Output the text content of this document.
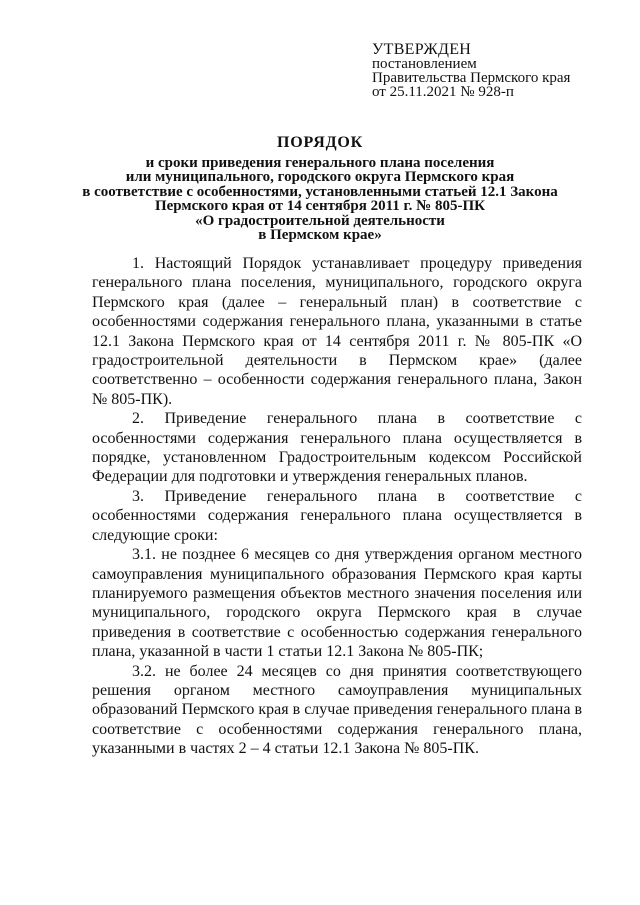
УТВЕРЖДЕН
постановлением
Правительства Пермского края
от 25.11.2021 № 928-п
ПОРЯДОК
и сроки приведения генерального плана поселения
или муниципального, городского округа Пермского края
в соответствие с особенностями, установленными статьей 12.1 Закона
Пермского края от 14 сентября 2011 г. № 805-ПК
«О градостроительной деятельности
в Пермском крае»

1. Настоящий Порядок устанавливает процедуру приведения генерального плана поселения, муниципального, городского округа Пермского края (далее – генеральный план) в соответствие с особенностями содержания генерального плана, указанными в статье 12.1 Закона Пермского края от 14 сентября 2011 г. № 805-ПК «О градостроительной деятельности в Пермском крае» (далее соответственно – особенности содержания генерального плана, Закон № 805-ПК).

2. Приведение генерального плана в соответствие с особенностями содержания генерального плана осуществляется в порядке, установленном Градостроительным кодексом Российской Федерации для подготовки и утверждения генеральных планов.

3. Приведение генерального плана в соответствие с особенностями содержания генерального плана осуществляется в следующие сроки:

3.1. не позднее 6 месяцев со дня утверждения органом местного самоуправления муниципального образования Пермского края карты планируемого размещения объектов местного значения поселения или муниципального, городского округа Пермского края в случае приведения в соответствие с особенностью содержания генерального плана, указанной в части 1 статьи 12.1 Закона № 805-ПК;

3.2. не более 24 месяцев со дня принятия соответствующего решения органом местного самоуправления муниципальных образований Пермского края в случае приведения генерального плана в соответствие с особенностями содержания генерального плана, указанными в частях 2 – 4 статьи 12.1 Закона № 805-ПК.
